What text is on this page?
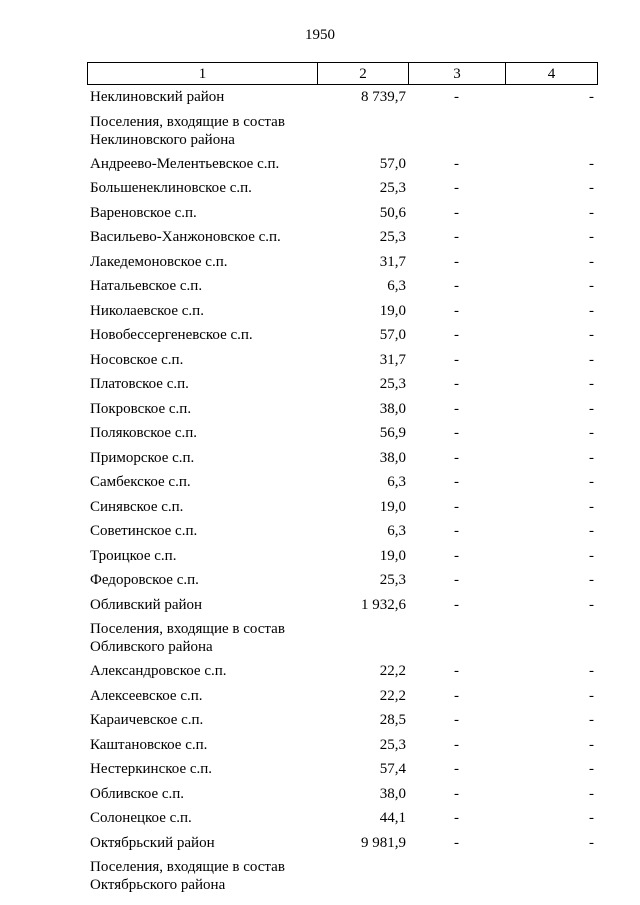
1950
1	2	3	4
Неклиновский район	8 739,7	-	-
Поселения, входящие в состав Неклиновского района
Андреево-Мелентьевское с.п.	57,0	-	-
Большенеклиновское с.п.	25,3	-	-
Вареновское с.п.	50,6	-	-
Васильево-Ханжоновское с.п.	25,3	-	-
Лакедемоновское с.п.	31,7	-	-
Натальевское с.п.	6,3	-	-
Николаевское с.п.	19,0	-	-
Новобессергеневское с.п.	57,0	-	-
Носовское с.п.	31,7	-	-
Платовское с.п.	25,3	-	-
Покровское с.п.	38,0	-	-
Поляковское с.п.	56,9	-	-
Приморское с.п.	38,0	-	-
Самбекское с.п.	6,3	-	-
Синявское с.п.	19,0	-	-
Советинское с.п.	6,3	-	-
Троицкое с.п.	19,0	-	-
Федоровское с.п.	25,3	-	-
Обливский район	1 932,6	-	-
Поселения, входящие в состав Обливского района
Александровское с.п.	22,2	-	-
Алексеевское с.п.	22,2	-	-
Караичевское с.п.	28,5	-	-
Каштановское с.п.	25,3	-	-
Нестеркинское с.п.	57,4	-	-
Обливское с.п.	38,0	-	-
Солонецкое с.п.	44,1	-	-
Октябрьский район	9 981,9	-	-
Поселения, входящие в состав Октябрьского района
